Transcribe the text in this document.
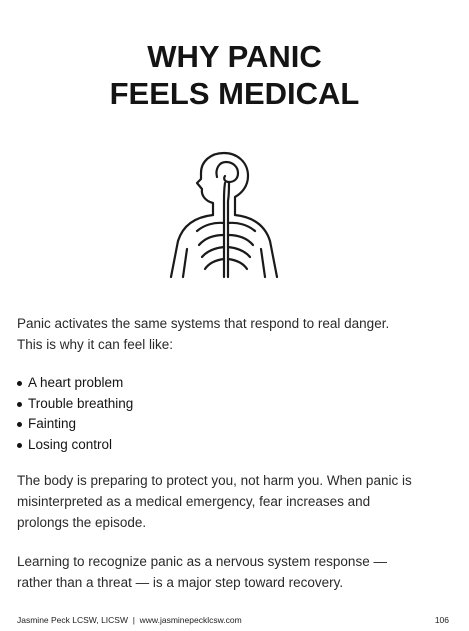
WHY PANIC
FEELS MEDICAL

Panic activates the same systems that respond to real danger.
This is why it can feel like:

A heart problem
Trouble breathing
Fainting
Losing control

The body is preparing to protect you, not harm you. When panic is
misinterpreted as a medical emergency, fear increases and
prolongs the episode.

Learning to recognize panic as a nervous system response —
rather than a threat — is a major step toward recovery.

Jasmine Peck LCSW, LICSW  |  www.jasminepecklcsw.com	106
